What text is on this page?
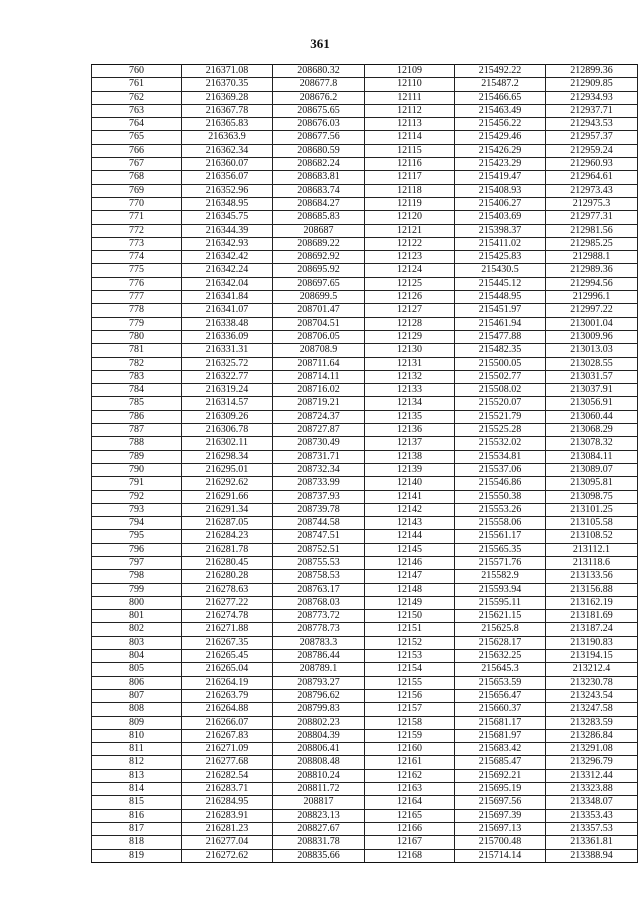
361
760	216371.08	208680.32	12109	215492.22	212899.36
761	216370.35	208677.8	12110	215487.2	212909.85
762	216369.28	208676.2	12111	215466.65	212934.93
763	216367.78	208675.65	12112	215463.49	212937.71
764	216365.83	208676.03	12113	215456.22	212943.53
765	216363.9	208677.56	12114	215429.46	212957.37
766	216362.34	208680.59	12115	215426.29	212959.24
767	216360.07	208682.24	12116	215423.29	212960.93
768	216356.07	208683.81	12117	215419.47	212964.61
769	216352.96	208683.74	12118	215408.93	212973.43
770	216348.95	208684.27	12119	215406.27	212975.3
771	216345.75	208685.83	12120	215403.69	212977.31
772	216344.39	208687	12121	215398.37	212981.56
773	216342.93	208689.22	12122	215411.02	212985.25
774	216342.42	208692.92	12123	215425.83	212988.1
775	216342.24	208695.92	12124	215430.5	212989.36
776	216342.04	208697.65	12125	215445.12	212994.56
777	216341.84	208699.5	12126	215448.95	212996.1
778	216341.07	208701.47	12127	215451.97	212997.22
779	216338.48	208704.51	12128	215461.94	213001.04
780	216336.09	208706.05	12129	215477.88	213009.96
781	216331.31	208708.9	12130	215482.35	213013.03
782	216325.72	208711.64	12131	215500.05	213028.55
783	216322.77	208714.11	12132	215502.77	213031.57
784	216319.24	208716.02	12133	215508.02	213037.91
785	216314.57	208719.21	12134	215520.07	213056.91
786	216309.26	208724.37	12135	215521.79	213060.44
787	216306.78	208727.87	12136	215525.28	213068.29
788	216302.11	208730.49	12137	215532.02	213078.32
789	216298.34	208731.71	12138	215534.81	213084.11
790	216295.01	208732.34	12139	215537.06	213089.07
791	216292.62	208733.99	12140	215546.86	213095.81
792	216291.66	208737.93	12141	215550.38	213098.75
793	216291.34	208739.78	12142	215553.26	213101.25
794	216287.05	208744.58	12143	215558.06	213105.58
795	216284.23	208747.51	12144	215561.17	213108.52
796	216281.78	208752.51	12145	215565.35	213112.1
797	216280.45	208755.53	12146	215571.76	213118.6
798	216280.28	208758.53	12147	215582.9	213133.56
799	216278.63	208763.17	12148	215593.94	213156.88
800	216277.22	208768.03	12149	215595.11	213162.19
801	216274.78	208773.72	12150	215621.15	213181.69
802	216271.88	208778.73	12151	215625.8	213187.24
803	216267.35	208783.3	12152	215628.17	213190.83
804	216265.45	208786.44	12153	215632.25	213194.15
805	216265.04	208789.1	12154	215645.3	213212.4
806	216264.19	208793.27	12155	215653.59	213230.78
807	216263.79	208796.62	12156	215656.47	213243.54
808	216264.88	208799.83	12157	215660.37	213247.58
809	216266.07	208802.23	12158	215681.17	213283.59
810	216267.83	208804.39	12159	215681.97	213286.84
811	216271.09	208806.41	12160	215683.42	213291.08
812	216277.68	208808.48	12161	215685.47	213296.79
813	216282.54	208810.24	12162	215692.21	213312.44
814	216283.71	208811.72	12163	215695.19	213323.88
815	216284.95	208817	12164	215697.56	213348.07
816	216283.91	208823.13	12165	215697.39	213353.43
817	216281.23	208827.67	12166	215697.13	213357.53
818	216277.04	208831.78	12167	215700.48	213361.81
819	216272.62	208835.66	12168	215714.14	213388.94
